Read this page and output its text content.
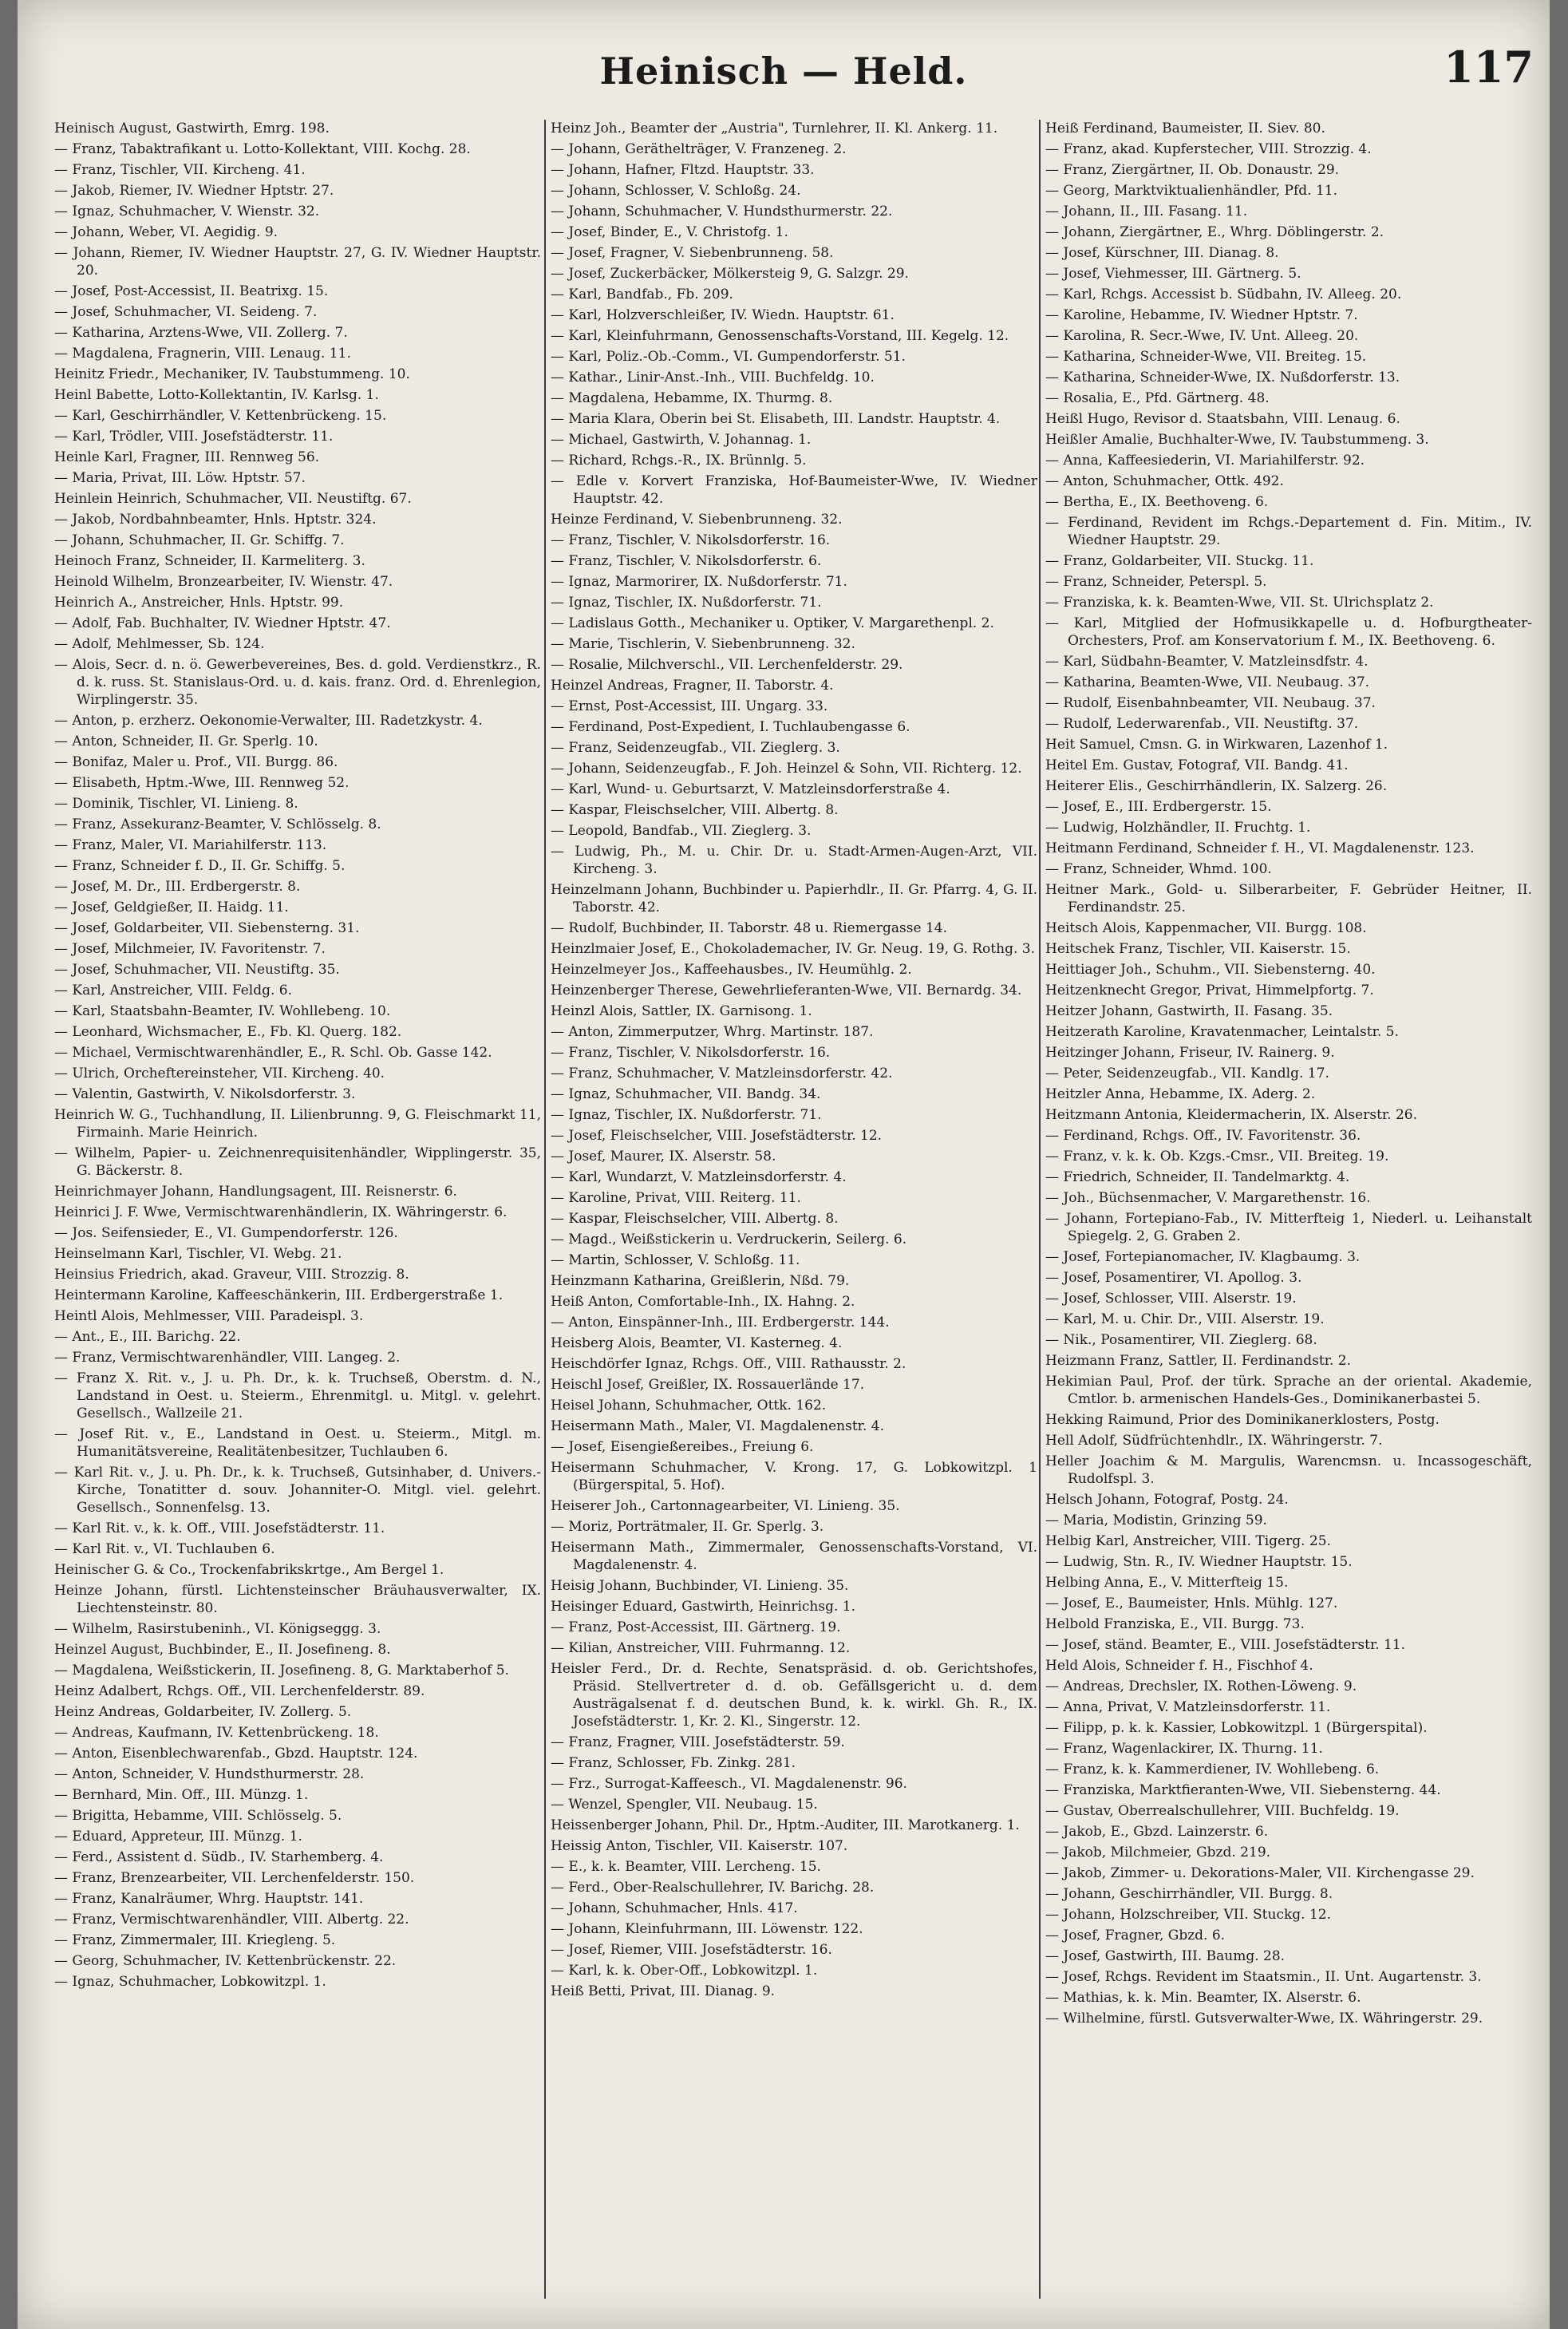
Heinisch — Held.	117

Heinisch August, Gastwirth, Emrg. 198.

— Franz, Tabaktrafikant u. Lotto-Kollektant, VIII. Kochg. 28.

— Franz, Tischler, VII. Kircheng. 41.

— Jakob, Riemer, IV. Wiedner Hptstr. 27.

— Ignaz, Schuhmacher, V. Wienstr. 32.

— Johann, Weber, VI. Aegidig. 9.

— Johann, Riemer, IV. Wiedner Hauptstr. 27, G. IV. Wiedner Hauptstr. 20.

— Josef, Post-Accessist, II. Beatrixg. 15.

— Josef, Schuhmacher, VI. Seideng. 7.

— Katharina, Arztens-Wwe, VII. Zollerg. 7.

— Magdalena, Fragnerin, VIII. Lenaug. 11.

Heinitz Friedr., Mechaniker, IV. Taubstummeng. 10.

Heinl Babette, Lotto-Kollektantin, IV. Karlsg. 1.

— Karl, Geschirrhändler, V. Kettenbrückeng. 15.

— Karl, Trödler, VIII. Josefstädterstr. 11.

Heinle Karl, Fragner, III. Rennweg 56.

— Maria, Privat, III. Löw. Hptstr. 57.

Heinlein Heinrich, Schuhmacher, VII. Neustiftg. 67.

— Jakob, Nordbahnbeamter, Hnls. Hptstr. 324.

— Johann, Schuhmacher, II. Gr. Schiffg. 7.

Heinoch Franz, Schneider, II. Karmeliterg. 3.

Heinold Wilhelm, Bronzearbeiter, IV. Wienstr. 47.

Heinrich A., Anstreicher, Hnls. Hptstr. 99.

— Adolf, Fab. Buchhalter, IV. Wiedner Hptstr. 47.

— Adolf, Mehlmesser, Sb. 124.

— Alois, Secr. d. n. ö. Gewerbevereines, Bes. d. gold. Verdienstkrz., R. d. k. russ. St. Stanislaus-Ord. u. d. kais. franz. Ord. d. Ehrenlegion, Wirplingerstr. 35.

— Anton, p. erzherz. Oekonomie-Verwalter, III. Radetzkystr. 4.

— Anton, Schneider, II. Gr. Sperlg. 10.

— Bonifaz, Maler u. Prof., VII. Burgg. 86.

— Elisabeth, Hptm.-Wwe, III. Rennweg 52.

— Dominik, Tischler, VI. Linieng. 8.

— Franz, Assekuranz-Beamter, V. Schlösselg. 8.

— Franz, Maler, VI. Mariahilferstr. 113.

— Franz, Schneider f. D., II. Gr. Schiffg. 5.

— Josef, M. Dr., III. Erdbergerstr. 8.

— Josef, Geldgießer, II. Haidg. 11.

— Josef, Goldarbeiter, VII. Siebensterng. 31.

— Josef, Milchmeier, IV. Favoritenstr. 7.

— Josef, Schuhmacher, VII. Neustiftg. 35.

— Karl, Anstreicher, VIII. Feldg. 6.

— Karl, Staatsbahn-Beamter, IV. Wohllebeng. 10.

— Leonhard, Wichsmacher, E., Fb. Kl. Querg. 182.

— Michael, Vermischtwarenhändler, E., R. Schl. Ob. Gasse 142.

— Ulrich, Orcheftereinsteher, VII. Kircheng. 40.

— Valentin, Gastwirth, V. Nikolsdorferstr. 3.

Heinrich W. G., Tuchhandlung, II. Lilienbrunng. 9, G. Fleischmarkt 11, Firmainh. Marie Heinrich.

— Wilhelm, Papier- u. Zeichnenrequisitenhändler, Wipplingerstr. 35, G. Bäckerstr. 8.

Heinrichmayer Johann, Handlungsagent, III. Reisnerstr. 6.

Heinrici J. F. Wwe, Vermischtwarenhändlerin, IX. Währingerstr. 6.

— Jos. Seifensieder, E., VI. Gumpendorferstr. 126.

Heinselmann Karl, Tischler, VI. Webg. 21.

Heinsius Friedrich, akad. Graveur, VIII. Strozzig. 8.

Heintermann Karoline, Kaffeeschänkerin, III. Erdbergerstraße 1.

Heintl Alois, Mehlmesser, VIII. Paradeispl. 3.

— Ant., E., III. Barichg. 22.

— Franz, Vermischtwarenhändler, VIII. Langeg. 2.

— Franz X. Rit. v., J. u. Ph. Dr., k. k. Truchseß, Oberstm. d. N., Landstand in Oest. u. Steierm., Ehrenmitgl. u. Mitgl. v. gelehrt. Gesellsch., Wallzeile 21.

— Josef Rit. v., E., Landstand in Oest. u. Steierm., Mitgl. m. Humanitätsvereine, Realitätenbesitzer, Tuchlauben 6.

— Karl Rit. v., J. u. Ph. Dr., k. k. Truchseß, Gutsinhaber, d. Univers.-Kirche, Tonatitter d. souv. Johanniter-O. Mitgl. viel. gelehrt. Gesellsch., Sonnenfelsg. 13.

— Karl Rit. v., k. k. Off., VIII. Josefstädterstr. 11.

— Karl Rit. v., VI. Tuchlauben 6.

Heinischer G. & Co., Trockenfabrikskrtge., Am Bergel 1.

Heinze Johann, fürstl. Lichtensteinscher Bräuhausverwalter, IX. Liechtensteinstr. 80.

— Wilhelm, Rasirstubeninh., VI. Königseggg. 3.

Heinzel August, Buchbinder, E., II. Josefineng. 8.

— Magdalena, Weißstickerin, II. Josefineng. 8, G. Marktaberhof 5.

Heinz Adalbert, Rchgs. Off., VII. Lerchenfelderstr. 89.

Heinz Andreas, Goldarbeiter, IV. Zollerg. 5.

— Andreas, Kaufmann, IV. Kettenbrückeng. 18.

— Anton, Eisenblechwarenfab., Gbzd. Hauptstr. 124.

— Anton, Schneider, V. Hundsthurmerstr. 28.

— Bernhard, Min. Off., III. Münzg. 1.

— Brigitta, Hebamme, VIII. Schlösselg. 5.

— Eduard, Appreteur, III. Münzg. 1.

— Ferd., Assistent d. Südb., IV. Starhemberg. 4.

— Franz, Brenzearbeiter, VII. Lerchenfelderstr. 150.

— Franz, Kanalräumer, Whrg. Hauptstr. 141.

— Franz, Vermischtwarenhändler, VIII. Albertg. 22.

— Franz, Zimmermaler, III. Kriegleng. 5.

— Georg, Schuhmacher, IV. Kettenbrückenstr. 22.

— Ignaz, Schuhmacher, Lobkowitzpl. 1.

Heinz Joh., Beamter der „Austria", Turnlehrer, II. Kl. Ankerg. 11.

— Johann, Geräthelträger, V. Franzeneg. 2.

— Johann, Hafner, Fltzd. Hauptstr. 33.

— Johann, Schlosser, V. Schloßg. 24.

— Johann, Schuhmacher, V. Hundsthurmerstr. 22.

— Josef, Binder, E., V. Christofg. 1.

— Josef, Fragner, V. Siebenbrunneng. 58.

— Josef, Zuckerbäcker, Mölkersteig 9, G. Salzgr. 29.

— Karl, Bandfab., Fb. 209.

— Karl, Holzverschleißer, IV. Wiedn. Hauptstr. 61.

— Karl, Kleinfuhrmann, Genossenschafts-Vorstand, III. Kegelg. 12.

— Karl, Poliz.-Ob.-Comm., VI. Gumpendorferstr. 51.

— Kathar., Linir-Anst.-Inh., VIII. Buchfeldg. 10.

— Magdalena, Hebamme, IX. Thurmg. 8.

— Maria Klara, Oberin bei St. Elisabeth, III. Landstr. Hauptstr. 4.

— Michael, Gastwirth, V. Johannag. 1.

— Richard, Rchgs.-R., IX. Brünnlg. 5.

— Edle v. Korvert Franziska, Hof-Baumeister-Wwe, IV. Wiedner Hauptstr. 42.

Heinze Ferdinand, V. Siebenbrunneng. 32.

— Franz, Tischler, V. Nikolsdorferstr. 16.

— Franz, Tischler, V. Nikolsdorferstr. 6.

— Ignaz, Marmorirer, IX. Nußdorferstr. 71.

— Ignaz, Tischler, IX. Nußdorferstr. 71.

— Ladislaus Gotth., Mechaniker u. Optiker, V. Margarethenpl. 2.

— Marie, Tischlerin, V. Siebenbrunneng. 32.

— Rosalie, Milchverschl., VII. Lerchenfelderstr. 29.

Heinzel Andreas, Fragner, II. Taborstr. 4.

— Ernst, Post-Accessist, III. Ungarg. 33.

— Ferdinand, Post-Expedient, I. Tuchlaubengasse 6.

— Franz, Seidenzeugfab., VII. Zieglerg. 3.

— Johann, Seidenzeugfab., F. Joh. Heinzel & Sohn, VII. Richterg. 12.

— Karl, Wund- u. Geburtsarzt, V. Matzleinsdorferstraße 4.

— Kaspar, Fleischselcher, VIII. Albertg. 8.

— Leopold, Bandfab., VII. Zieglerg. 3.

— Ludwig, Ph., M. u. Chir. Dr. u. Stadt-Armen-Augen-Arzt, VII. Kircheng. 3.

Heinzelmann Johann, Buchbinder u. Papierhdlr., II. Gr. Pfarrg. 4, G. II. Taborstr. 42.

— Rudolf, Buchbinder, II. Taborstr. 48 u. Riemergasse 14.

Heinzlmaier Josef, E., Chokolademacher, IV. Gr. Neug. 19, G. Rothg. 3.

Heinzelmeyer Jos., Kaffeehausbes., IV. Heumühlg. 2.

Heinzenberger Therese, Gewehrlieferanten-Wwe, VII. Bernardg. 34.

Heinzl Alois, Sattler, IX. Garnisong. 1.

— Anton, Zimmerputzer, Whrg. Martinstr. 187.

— Franz, Tischler, V. Nikolsdorferstr. 16.

— Franz, Schuhmacher, V. Matzleinsdorferstr. 42.

— Ignaz, Schuhmacher, VII. Bandg. 34.

— Ignaz, Tischler, IX. Nußdorferstr. 71.

— Josef, Fleischselcher, VIII. Josefstädterstr. 12.

— Josef, Maurer, IX. Alserstr. 58.

— Karl, Wundarzt, V. Matzleinsdorferstr. 4.

— Karoline, Privat, VIII. Reiterg. 11.

— Kaspar, Fleischselcher, VIII. Albertg. 8.

— Magd., Weißstickerin u. Verdruckerin, Seilerg. 6.

— Martin, Schlosser, V. Schloßg. 11.

Heinzmann Katharina, Greißlerin, Nßd. 79.

Heiß Anton, Comfortable-Inh., IX. Hahng. 2.

— Anton, Einspänner-Inh., III. Erdbergerstr. 144.

Heisberg Alois, Beamter, VI. Kasterneg. 4.

Heischdörfer Ignaz, Rchgs. Off., VIII. Rathausstr. 2.

Heischl Josef, Greißler, IX. Rossauerlände 17.

Heisel Johann, Schuhmacher, Ottk. 162.

Heisermann Math., Maler, VI. Magdalenenstr. 4.

— Josef, Eisengießereibes., Freiung 6.

Heisermann Schuhmacher, V. Krong. 17, G. Lobkowitzpl. 1 (Bürgerspital, 5. Hof).

Heiserer Joh., Cartonnagearbeiter, VI. Linieng. 35.

— Moriz, Porträtmaler, II. Gr. Sperlg. 3.

Heisermann Math., Zimmermaler, Genossenschafts-Vorstand, VI. Magdalenenstr. 4.

Heisig Johann, Buchbinder, VI. Linieng. 35.

Heisinger Eduard, Gastwirth, Heinrichsg. 1.

— Franz, Post-Accessist, III. Gärtnerg. 19.

— Kilian, Anstreicher, VIII. Fuhrmanng. 12.

Heisler Ferd., Dr. d. Rechte, Senatspräsid. d. ob. Gerichtshofes, Präsid. Stellvertreter d. d. ob. Gefällsgericht u. d. dem Austrägalsenat f. d. deutschen Bund, k. k. wirkl. Gh. R., IX. Josefstädterstr. 1, Kr. 2. Kl., Singerstr. 12.

— Franz, Fragner, VIII. Josefstädterstr. 59.

— Franz, Schlosser, Fb. Zinkg. 281.

— Frz., Surrogat-Kaffeesch., VI. Magdalenenstr. 96.

— Wenzel, Spengler, VII. Neubaug. 15.

Heissenberger Johann, Phil. Dr., Hptm.-Auditer, III. Marotkanerg. 1.

Heissig Anton, Tischler, VII. Kaiserstr. 107.

— E., k. k. Beamter, VIII. Lercheng. 15.

— Ferd., Ober-Realschullehrer, IV. Barichg. 28.

— Johann, Schuhmacher, Hnls. 417.

— Johann, Kleinfuhrmann, III. Löwenstr. 122.

— Josef, Riemer, VIII. Josefstädterstr. 16.

— Karl, k. k. Ober-Off., Lobkowitzpl. 1.

Heiß Betti, Privat, III. Dianag. 9.

Heiß Ferdinand, Baumeister, II. Siev. 80.

— Franz, akad. Kupferstecher, VIII. Strozzig. 4.

— Franz, Ziergärtner, II. Ob. Donaustr. 29.

— Georg, Marktviktualienhändler, Pfd. 11.

— Johann, II., III. Fasang. 11.

— Johann, Ziergärtner, E., Whrg. Döblingerstr. 2.

— Josef, Kürschner, III. Dianag. 8.

— Josef, Viehmesser, III. Gärtnerg. 5.

— Karl, Rchgs. Accessist b. Südbahn, IV. Alleeg. 20.

— Karoline, Hebamme, IV. Wiedner Hptstr. 7.

— Karolina, R. Secr.-Wwe, IV. Unt. Alleeg. 20.

— Katharina, Schneider-Wwe, VII. Breiteg. 15.

— Katharina, Schneider-Wwe, IX. Nußdorferstr. 13.

— Rosalia, E., Pfd. Gärtnerg. 48.

Heißl Hugo, Revisor d. Staatsbahn, VIII. Lenaug. 6.

Heißler Amalie, Buchhalter-Wwe, IV. Taubstummeng. 3.

— Anna, Kaffeesiederin, VI. Mariahilferstr. 92.

— Anton, Schuhmacher, Ottk. 492.

— Bertha, E., IX. Beethoveng. 6.

— Ferdinand, Revident im Rchgs.-Departement d. Fin. Mitim., IV. Wiedner Hauptstr. 29.

— Franz, Goldarbeiter, VII. Stuckg. 11.

— Franz, Schneider, Peterspl. 5.

— Franziska, k. k. Beamten-Wwe, VII. St. Ulrichsplatz 2.

— Karl, Mitglied der Hofmusikkapelle u. d. Hofburgtheater-Orchesters, Prof. am Konservatorium f. M., IX. Beethoveng. 6.

— Karl, Südbahn-Beamter, V. Matzleinsdfstr. 4.

— Katharina, Beamten-Wwe, VII. Neubaug. 37.

— Rudolf, Eisenbahnbeamter, VII. Neubaug. 37.

— Rudolf, Lederwarenfab., VII. Neustiftg. 37.

Heit Samuel, Cmsn. G. in Wirkwaren, Lazenhof 1.

Heitel Em. Gustav, Fotograf, VII. Bandg. 41.

Heiterer Elis., Geschirrhändlerin, IX. Salzerg. 26.

— Josef, E., III. Erdbergerstr. 15.

— Ludwig, Holzhändler, II. Fruchtg. 1.

Heitmann Ferdinand, Schneider f. H., VI. Magdalenenstr. 123.

— Franz, Schneider, Whmd. 100.

Heitner Mark., Gold- u. Silberarbeiter, F. Gebrüder Heitner, II. Ferdinandstr. 25.

Heitsch Alois, Kappenmacher, VII. Burgg. 108.

Heitschek Franz, Tischler, VII. Kaiserstr. 15.

Heittiager Joh., Schuhm., VII. Siebensterng. 40.

Heitzenknecht Gregor, Privat, Himmelpfortg. 7.

Heitzer Johann, Gastwirth, II. Fasang. 35.

Heitzerath Karoline, Kravatenmacher, Leintalstr. 5.

Heitzinger Johann, Friseur, IV. Rainerg. 9.

— Peter, Seidenzeugfab., VII. Kandlg. 17.

Heitzler Anna, Hebamme, IX. Aderg. 2.

Heitzmann Antonia, Kleidermacherin, IX. Alserstr. 26.

— Ferdinand, Rchgs. Off., IV. Favoritenstr. 36.

— Franz, v. k. k. Ob. Kzgs.-Cmsr., VII. Breiteg. 19.

— Friedrich, Schneider, II. Tandelmarktg. 4.

— Joh., Büchsenmacher, V. Margarethenstr. 16.

— Johann, Fortepiano-Fab., IV. Mitterfteig 1, Niederl. u. Leihanstalt Spiegelg. 2, G. Graben 2.

— Josef, Fortepianomacher, IV. Klagbaumg. 3.

— Josef, Posamentirer, VI. Apollog. 3.

— Josef, Schlosser, VIII. Alserstr. 19.

— Karl, M. u. Chir. Dr., VIII. Alserstr. 19.

— Nik., Posamentirer, VII. Zieglerg. 68.

Heizmann Franz, Sattler, II. Ferdinandstr. 2.

Hekimian Paul, Prof. der türk. Sprache an der oriental. Akademie, Cmtlor. b. armenischen Handels-Ges., Dominikanerbastei 5.

Hekking Raimund, Prior des Dominikanerklosters, Postg.

Hell Adolf, Südfrüchtenhdlr., IX. Währingerstr. 7.

Heller Joachim & M. Margulis, Warencmsn. u. Incassogeschäft, Rudolfspl. 3.

Helsch Johann, Fotograf, Postg. 24.

— Maria, Modistin, Grinzing 59.

Helbig Karl, Anstreicher, VIII. Tigerg. 25.

— Ludwig, Stn. R., IV. Wiedner Hauptstr. 15.

Helbing Anna, E., V. Mitterfteig 15.

— Josef, E., Baumeister, Hnls. Mühlg. 127.

Helbold Franziska, E., VII. Burgg. 73.

— Josef, ständ. Beamter, E., VIII. Josefstädterstr. 11.

Held Alois, Schneider f. H., Fischhof 4.

— Andreas, Drechsler, IX. Rothen-Löweng. 9.

— Anna, Privat, V. Matzleinsdorferstr. 11.

— Filipp, p. k. k. Kassier, Lobkowitzpl. 1 (Bürgerspital).

— Franz, Wagenlackirer, IX. Thurng. 11.

— Franz, k. k. Kammerdiener, IV. Wohllebeng. 6.

— Franziska, Marktfieranten-Wwe, VII. Siebensterng. 44.

— Gustav, Oberrealschullehrer, VIII. Buchfeldg. 19.

— Jakob, E., Gbzd. Lainzerstr. 6.

— Jakob, Milchmeier, Gbzd. 219.

— Jakob, Zimmer- u. Dekorations-Maler, VII. Kirchengasse 29.

— Johann, Geschirrhändler, VII. Burgg. 8.

— Johann, Holzschreiber, VII. Stuckg. 12.

— Josef, Fragner, Gbzd. 6.

— Josef, Gastwirth, III. Baumg. 28.

— Josef, Rchgs. Revident im Staatsmin., II. Unt. Augartenstr. 3.

— Mathias, k. k. Min. Beamter, IX. Alserstr. 6.

— Wilhelmine, fürstl. Gutsverwalter-Wwe, IX. Währingerstr. 29.
